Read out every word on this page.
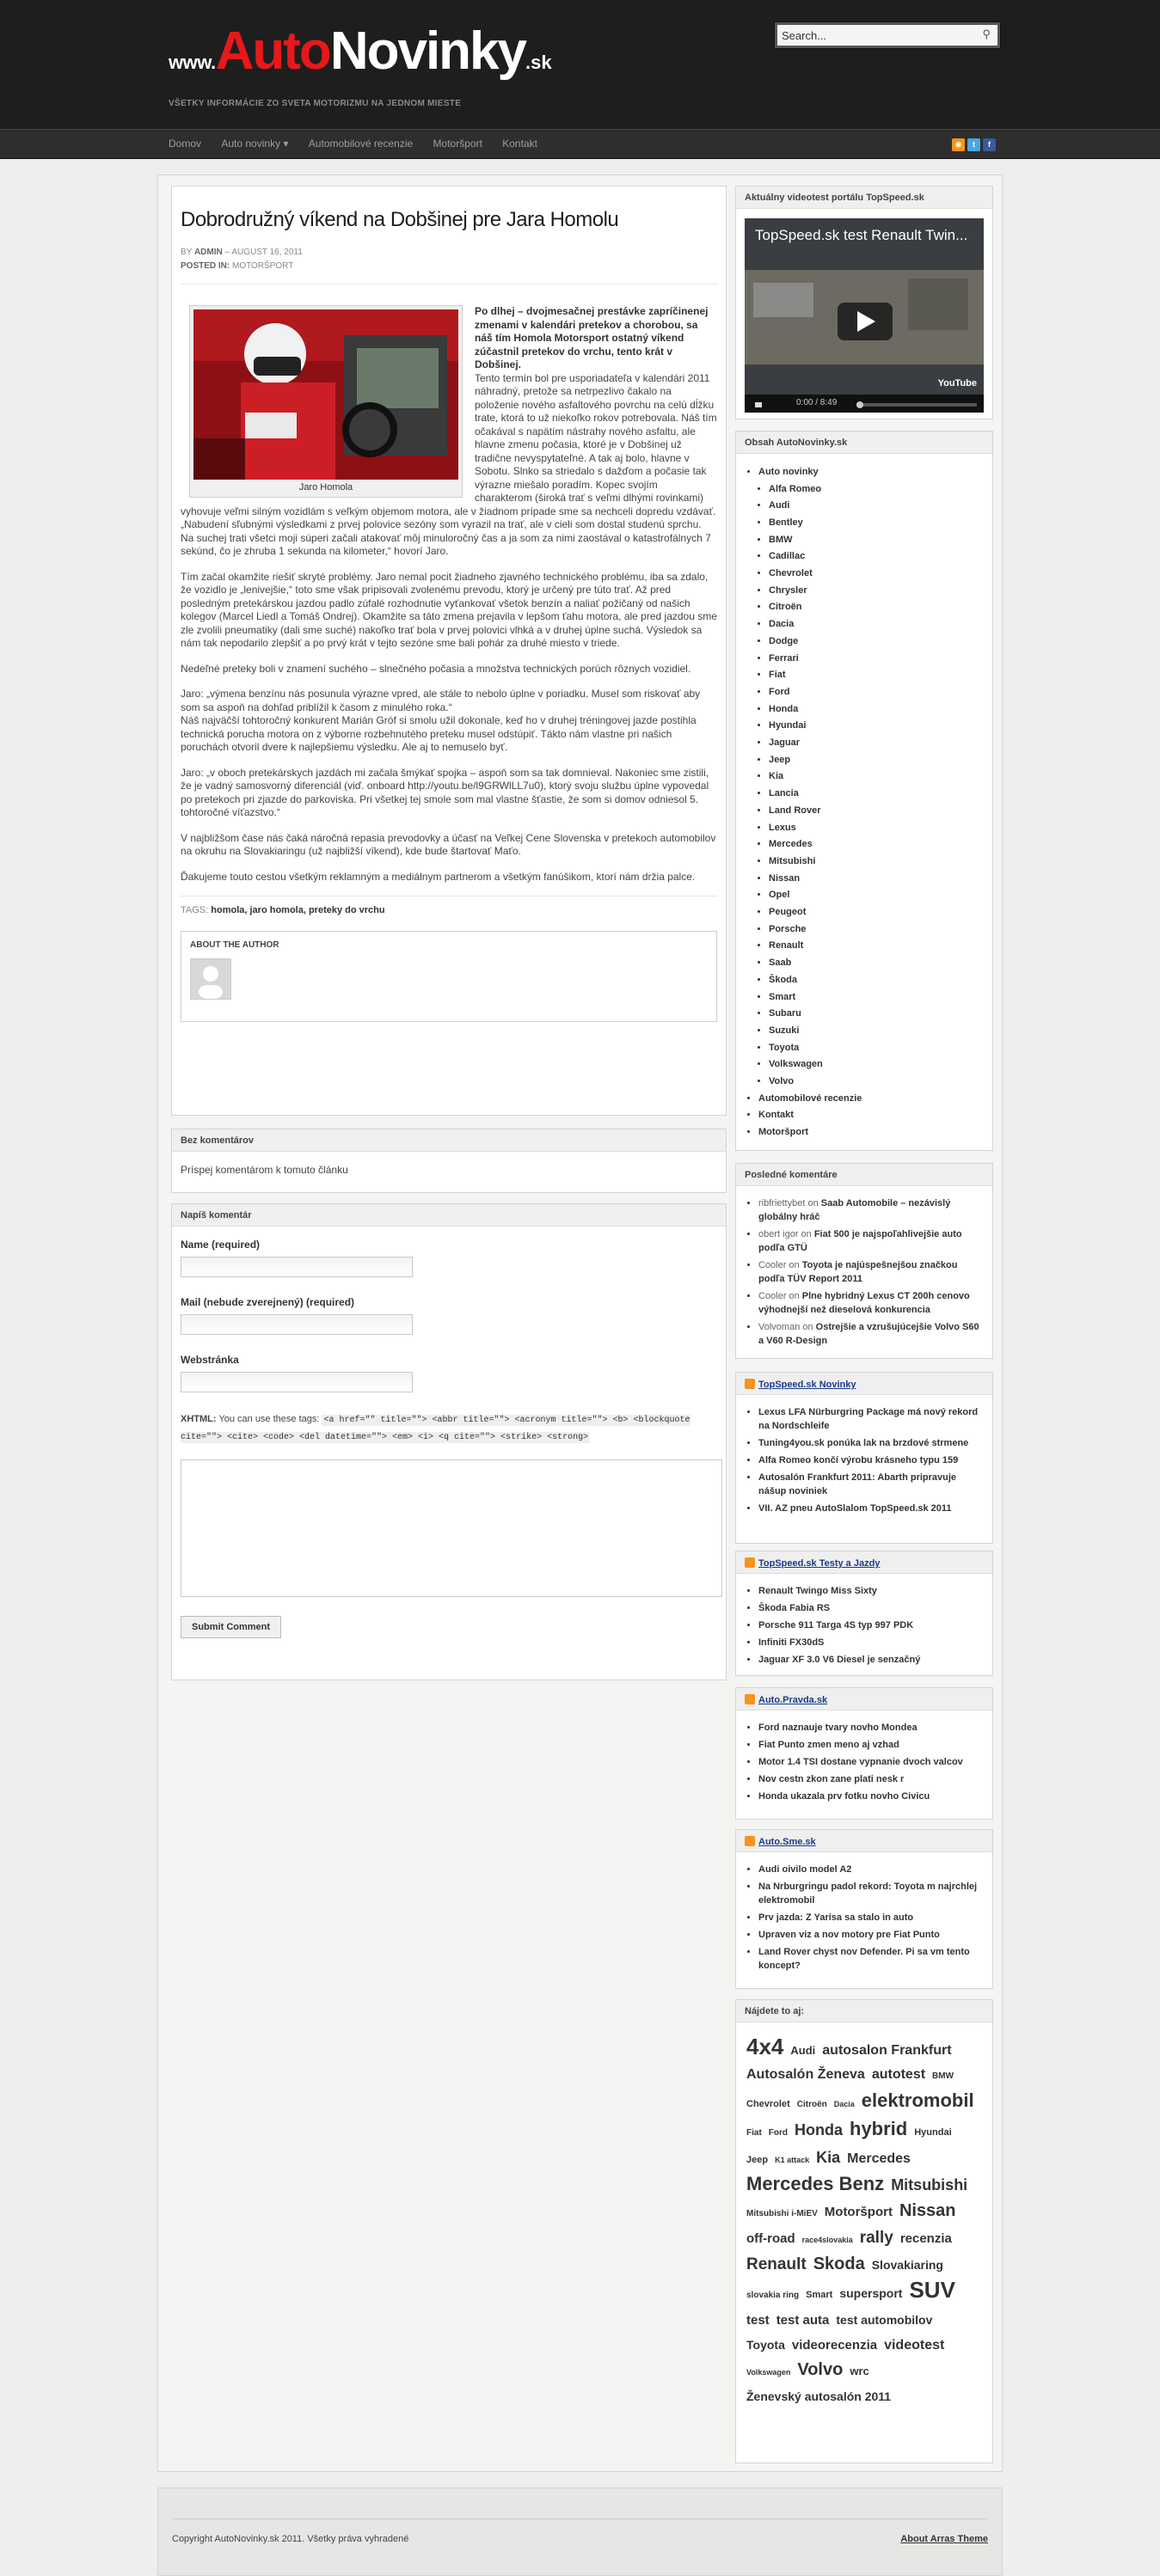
www.AutoNovinky.sk
VŠETKY INFORMÁCIE ZO SVETA MOTORIZMU NA JEDNOM MIESTE
Search...
⚲
Domov Auto novinky ▾ Automobilové recenzie Motoršport Kontakt	⊛ t f
Dobrodružný víkend na Dobšinej pre Jara Homolu
BY ADMIN – AUGUST 16, 2011
POSTED IN: MOTORŠPORT
Jaro Homola

Po dlhej – dvojmesačnej prestávke zapríčinenej zmenami v kalendári pretekov a chorobou, sa náš tím Homola Motorsport ostatný víkend zúčastnil pretekov do vrchu, tento krát v Dobšinej.

Tento termín bol pre usporiadateľa v kalendári 2011 náhradný, pretože sa netrpezlivo čakalo na položenie nového asfaltového povrchu na celú dĺžku trate, ktorá to už niekoľko rokov potrebovala. Náš tím očakával s napätím nástrahy nového asfaltu, ale hlavne zmenu počasia, ktoré je v Dobšinej už tradične nevyspytateľné. A tak aj bolo, hlavne v Sobotu. Slnko sa striedalo s dažďom a počasie tak výrazne miešalo poradím. Kopec svojím charakterom (široká trať s veľmi dlhými rovinkami) vyhovuje veľmi silným vozidlám s veľkým objemom motora, ale v žiadnom prípade sme sa nechceli dopredu vzdávať.
„Nabudení sľubnými výsledkami z prvej polovice sezóny som vyrazil na trať, ale v cieli som dostal studenú sprchu. Na suchej trati všetci moji súperi začali atakovať môj minuloročný čas a ja som za nimi zaostával o katastrofálnych 7 sekúnd, čo je zhruba 1 sekunda na kilometer,“ hovorí Jaro.

Tím začal okamžite riešiť skryté problémy. Jaro nemal pocit žiadneho zjavného technického problému, iba sa zdalo, že vozidlo je „lenivejšie,“ toto sme však pripisovali zvolenému prevodu, ktorý je určený pre túto trať. Až pred posledným pretekárskou jazdou padlo zúfalé rozhodnutie vyťankovať všetok benzín a naliať požičaný od našich kolegov (Marcel Liedl a Tomáš Ondrej). Okamžite sa táto zmena prejavila v lepšom ťahu motora, ale pred jazdou sme zle zvolili pneumatiky (dali sme suché) nakoľko trať bola v prvej polovici vlhká a v druhej úplne suchá. Výsledok sa nám tak nepodarilo zlepšiť a po prvý krát v tejto sezóne sme bali pohár za druhé miesto v triede.

Nedeľné preteky boli v znamení suchého – slnečného počasia a množstva technických porúch rôznych vozidiel.

Jaro: „výmena benzínu nás posunula výrazne vpred, ale stále to nebolo úplne v poriadku. Musel som riskovať aby som sa aspoň na dohľad priblížil k časom z minulého roka.“
Náš najväčší tohtoročný konkurent Marián Gróf si smolu užil dokonale, keď ho v druhej tréningovej jazde postihla technická porucha motora on z výborne rozbehnutého preteku musel odstúpiť. Tákto nám vlastne pri našich poruchách otvoril dvere k najlepšiemu výsledku. Ale aj to nemuselo byť.

Jaro: „v oboch pretekárskych jazdách mi začala šmýkať spojka – aspoň som sa tak domnieval. Nakoniec sme zistili, že je vadný samosvorný diferenciál (viď. onboard http://youtu.be/l9GRWlLL7u0), ktorý svoju službu úplne vypovedal po pretekoch pri zjazde do parkoviska. Pri všetkej tej smole som mal vlastne šťastie, že som si domov odniesol 5. tohtoročné víťazstvo.“

V najbližšom čase nás čaká náročná repasia prevodovky a účasť na Veľkej Cene Slovenska v pretekoch automobilov na okruhu na Slovakiaringu (už najbližší víkend), kde bude štartovať Maťo.

Ďakujeme touto cestou všetkým reklamným a mediálnym partnerom a všetkým fanúšikom, ktorí nám držia palce.

TAGS: homola, jaro homola, preteky do vrchu
ABOUT THE AUTHOR
Bez komentárov
Príspej komentárom k tomuto článku
Napíš komentár
Name (required)
Mail (nebude zverejnený) (required)
Webstránka
XHTML: You can use these tags: <a href="" title=""> <abbr title=""> <acronym title=""> <b> <blockquote cite=""> <cite> <code> <del datetime=""> <em> <i> <q cite=""> <strike> <strong>
Submit Comment
Aktuálny videotest portálu TopSpeed.sk
TopSpeed.sk test Renault Twin...
0:00 / 8:49
YouTube
Obsah AutoNovinky.sk
• Auto novinky
• Alfa Romeo
• Audi
• Bentley
• BMW
• Cadillac
• Chevrolet
• Chrysler
• Citroën
• Dacia
• Dodge
• Ferrari
• Fiat
• Ford
• Honda
• Hyundai
• Jaguar
• Jeep
• Kia
• Lancia
• Land Rover
• Lexus
• Mercedes
• Mitsubishi
• Nissan
• Opel
• Peugeot
• Porsche
• Renault
• Saab
• Škoda
• Smart
• Subaru
• Suzuki
• Toyota
• Volkswagen
• Volvo
• Automobilové recenzie
• Kontakt
• Motoršport
Posledné komentáre
• ribfriettybet on Saab Automobile – nezávislý globálny hráč
• obert igor on Fiat 500 je najspoľahlivejšie auto podľa GTÜ
• Cooler on Toyota je najúspešnejšou značkou podľa TÜV Report 2011
• Cooler on Plne hybridný Lexus CT 200h cenovo výhodnejší než dieselová konkurencia
• Volvoman on Ostrejšie a vzrušujúcejšie Volvo S60 a V60 R-Design
TopSpeed.sk Novinky
• Lexus LFA Nürburgring Package má nový rekord na Nordschleife
• Tuning4you.sk ponúka lak na brzdové strmene
• Alfa Romeo končí výrobu krásneho typu 159
• Autosalón Frankfurt 2011: Abarth pripravuje nášup noviniek
• VII. AZ pneu AutoSlalom TopSpeed.sk 2011
TopSpeed.sk Testy a Jazdy
• Renault Twingo Miss Sixty
• Škoda Fabia RS
• Porsche 911 Targa 4S typ 997 PDK
• Infiniti FX30dS
• Jaguar XF 3.0 V6 Diesel je senzačný
Auto.Pravda.sk
• Ford naznauje tvary novho Mondea
• Fiat Punto zmen meno aj vzhad
• Motor 1.4 TSI dostane vypnanie dvoch valcov
• Nov cestn zkon zane plati nesk r
• Honda ukazala prv fotku novho Civicu
Auto.Sme.sk
• Audi oivilo model A2
• Na Nrburgringu padol rekord: Toyota m najrchlej elektromobil
• Prv jazda: Z Yarisa sa stalo in auto
• Upraven viz a nov motory pre Fiat Punto
• Land Rover chyst nov Defender. Pi sa vm tento koncept?
Nájdete to aj:
4x4 Audi autosalon FrankfurtAutosalón Ženeva autotest BMWChevrolet Citroën Dacia elektromobilFiat Ford Honda hybrid HyundaiJeep K1 attack Kia MercedesMercedes Benz MitsubishiMitsubishi i-MiEV Motoršport Nissanoff-road race4slovakia rally recenziaRenault Skoda Slovakiaringslovakia ring Smart supersport SUVtest test auta test automobilovToyota videorecenzia videotestVolkswagen Volvo wrcŽenevský autosalón 2011
Copyright AutoNovinky.sk 2011. Všetky práva vyhradené	About Arras Theme
